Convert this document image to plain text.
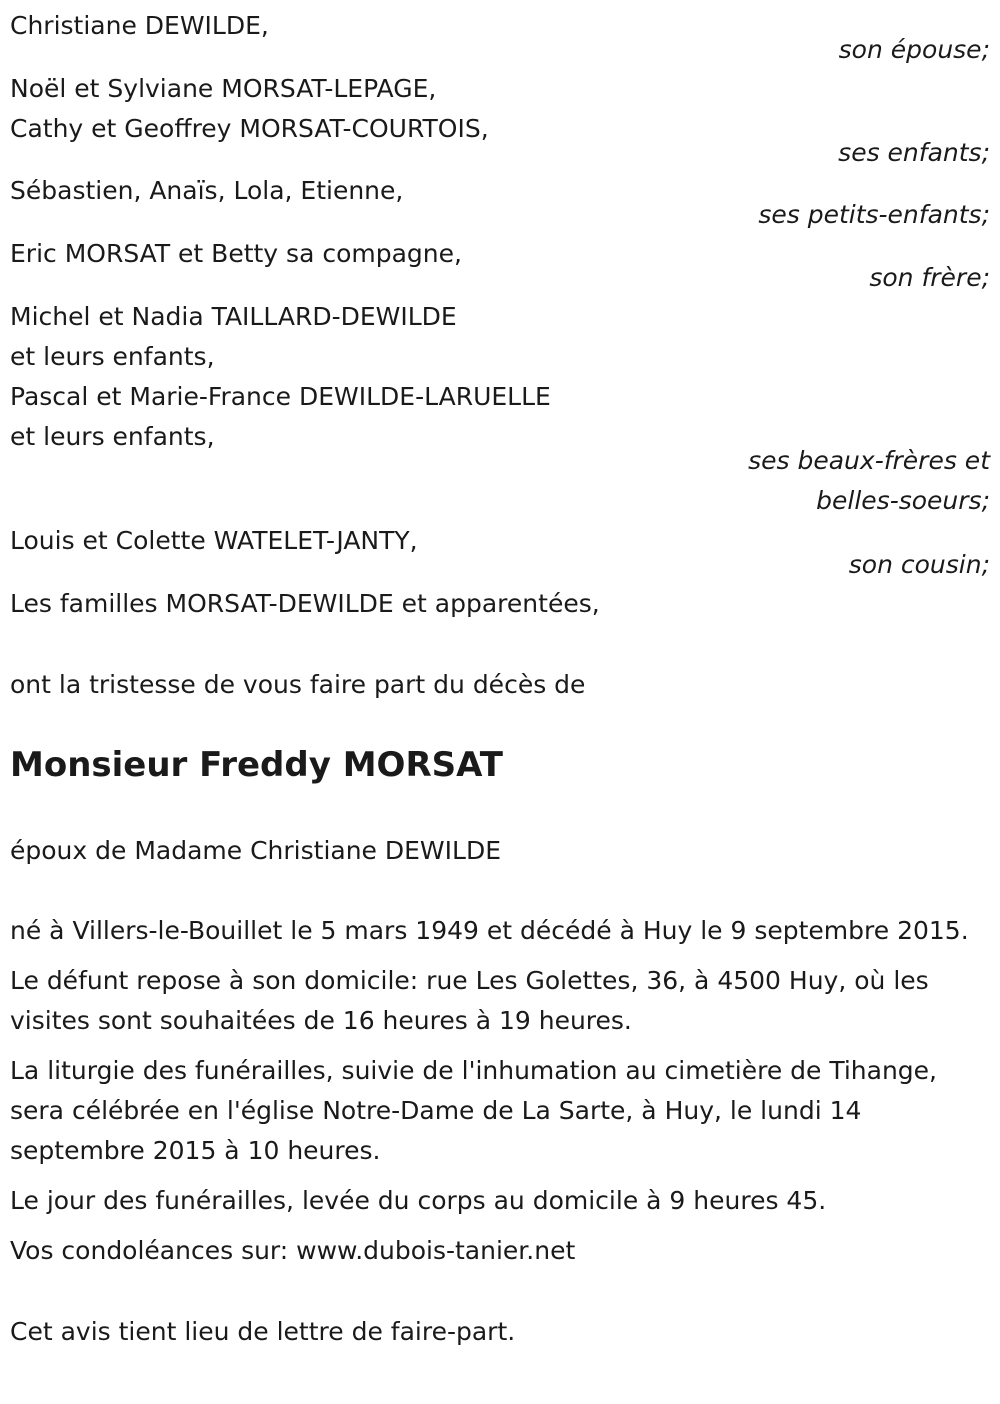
Christiane DEWILDE,
son épouse;
Noël et Sylviane MORSAT-LEPAGE,
Cathy et Geoffrey MORSAT-COURTOIS,
ses enfants;
Sébastien, Anaïs, Lola, Etienne,
ses petits-enfants;
Eric MORSAT et Betty sa compagne,
son frère;
Michel et Nadia TAILLARD-DEWILDE
et leurs enfants,
Pascal et Marie-France DEWILDE-LARUELLE
et leurs enfants,
ses beaux-frères et
belles-soeurs;
Louis et Colette WATELET-JANTY,
son cousin;
Les familles MORSAT-DEWILDE et apparentées,
ont la tristesse de vous faire part du décès de
Monsieur Freddy MORSAT
époux de Madame Christiane DEWILDE
né à Villers-le-Bouillet le 5 mars 1949 et décédé à Huy le 9 septembre 2015.
Le défunt repose à son domicile: rue Les Golettes, 36, à 4500 Huy, où les visites sont souhaitées de 16 heures à 19 heures.
La liturgie des funérailles, suivie de l'inhumation au cimetière de Tihange, sera célébrée en l'église Notre-Dame de La Sarte, à Huy, le lundi 14 septembre 2015 à 10 heures.
Le jour des funérailles, levée du corps au domicile à 9 heures 45.
Vos condoléances sur: www.dubois-tanier.net
Cet avis tient lieu de lettre de faire-part.
